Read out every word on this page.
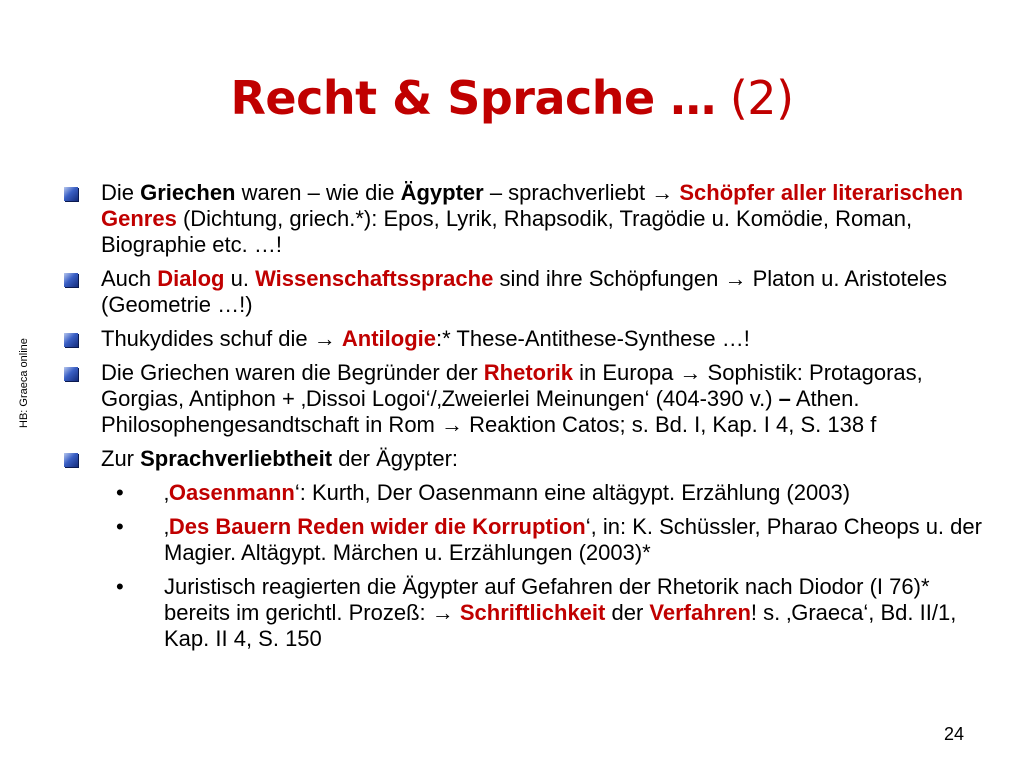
Recht & Sprache … (2)
HB: Graeca online
Die Griechen waren – wie die Ägypter – sprachverliebt → Schöpfer aller literarischen Genres (Dichtung, griech.*): Epos, Lyrik, Rhapsodik, Tragödie u. Komödie, Roman, Biographie etc. …!
Auch Dialog u. Wissenschaftssprache sind ihre Schöpfungen → Platon u. Aristoteles (Geometrie …!)
Thukydides schuf die → Antilogie:* These-Antithese-Synthese …!
Die Griechen waren die Begründer der Rhetorik in Europa → Sophistik: Protagoras, Gorgias, Antiphon + ‚Dissoi Logoi‘/‚Zweierlei Meinungen‘ (404-390 v.) – Athen. Philosophengesandtschaft in Rom → Reaktion Catos; s. Bd. I, Kap. I 4, S. 138 f
Zur Sprachverliebtheit der Ägypter:
• ‚Oasenmann‘: Kurth, Der Oasenmann eine altägypt. Erzählung (2003)
• ‚Des Bauern Reden wider die Korruption‘, in: K. Schüssler, Pharao Cheops u. der Magier. Altägypt. Märchen u. Erzählungen (2003)*
• Juristisch reagierten die Ägypter auf Gefahren der Rhetorik nach Diodor (I 76)* bereits im gerichtl. Prozeß: → Schriftlichkeit der Verfahren! s. ‚Graeca‘, Bd. II/1, Kap. II 4, S. 150
24
